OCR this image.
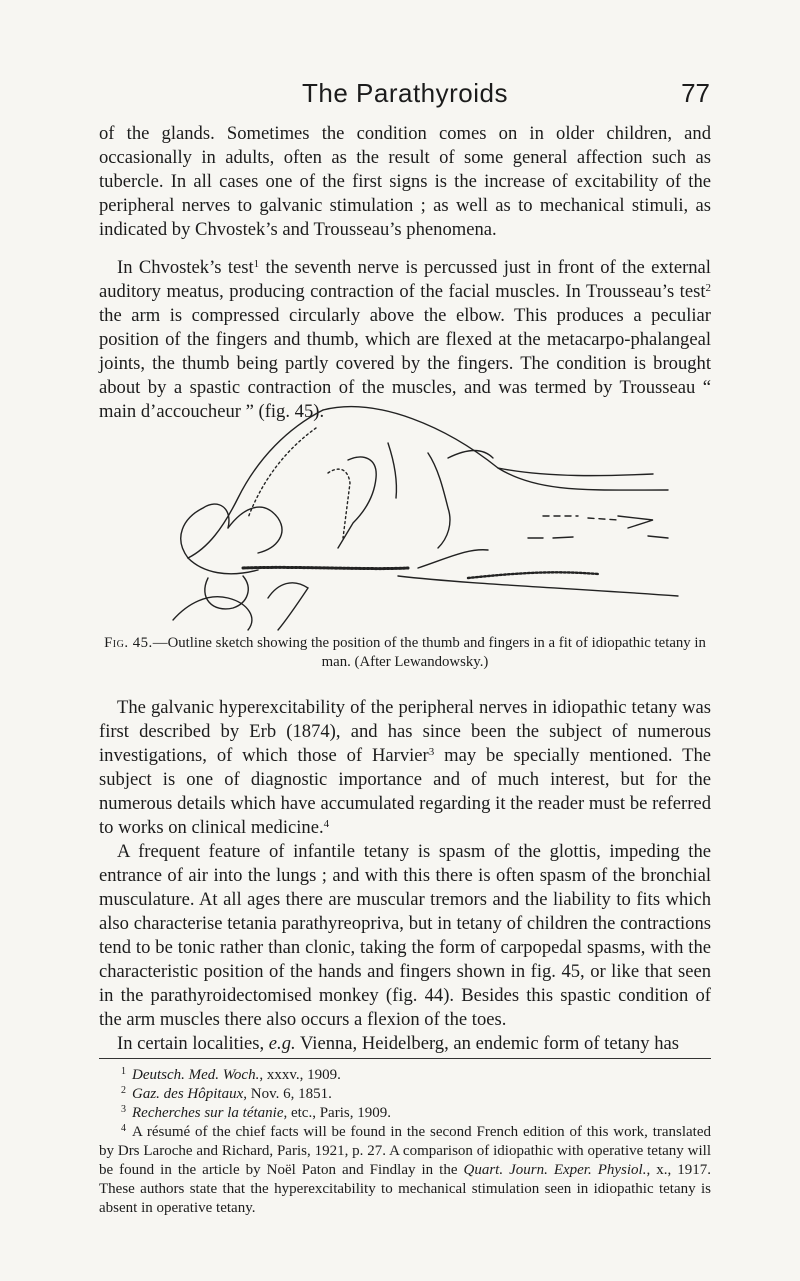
The Parathyroids	77

of the glands. Sometimes the condition comes on in older children, and occasionally in adults, often as the result of some general affection such as tubercle. In all cases one of the first signs is the increase of excitability of the peripheral nerves to galvanic stimulation ; as well as to mechanical stimuli, as indicated by Chvostek’s and Trousseau’s phenomena.

In Chvostek’s test$^1$ the seventh nerve is percussed just in front of the external auditory meatus, producing contraction of the facial muscles. In Trousseau’s test$^2$ the arm is compressed circularly above the elbow. This produces a peculiar position of the fingers and thumb, which are flexed at the metacarpo-phalangeal joints, the thumb being partly covered by the fingers. The condition is brought about by a spastic contraction of the muscles, and was termed by Trousseau “ main d’accoucheur ” (fig. 45).

Fig. 45.—Outline sketch showing the position of the thumb and fingers in a fit of idiopathic tetany in man. (After Lewandowsky.)

The galvanic hyperexcitability of the peripheral nerves in idiopathic tetany was first described by Erb (1874), and has since been the subject of numerous investigations, of which those of Harvier$^3$ may be specially mentioned. The subject is one of diagnostic importance and of much interest, but for the numerous details which have accumulated regarding it the reader must be referred to works on clinical medicine.$^4$

A frequent feature of infantile tetany is spasm of the glottis, impeding the entrance of air into the lungs ; and with this there is often spasm of the bronchial musculature. At all ages there are muscular tremors and the liability to fits which also characterise tetania parathyreopriva, but in tetany of children the contractions tend to be tonic rather than clonic, taking the form of carpopedal spasms, with the characteristic position of the hands and fingers shown in fig. 45, or like that seen in the parathyroidectomised monkey (fig. 44). Besides this spastic condition of the arm muscles there also occurs a flexion of the toes.

In certain localities, e.g. Vienna, Heidelberg, an endemic form of tetany has

$^1$ Deutsch. Med. Woch., xxxv., 1909.

$^2$ Gaz. des Hôpitaux, Nov. 6, 1851.

$^3$ Recherches sur la tétanie, etc., Paris, 1909.

$^4$ A résumé of the chief facts will be found in the second French edition of this work, translated by Drs Laroche and Richard, Paris, 1921, p. 27. A comparison of idiopathic with operative tetany will be found in the article by Noël Paton and Findlay in the Quart. Journ. Exper. Physiol., x., 1917. These authors state that the hyperexcitability to mechanical stimulation seen in idiopathic tetany is absent in operative tetany.
